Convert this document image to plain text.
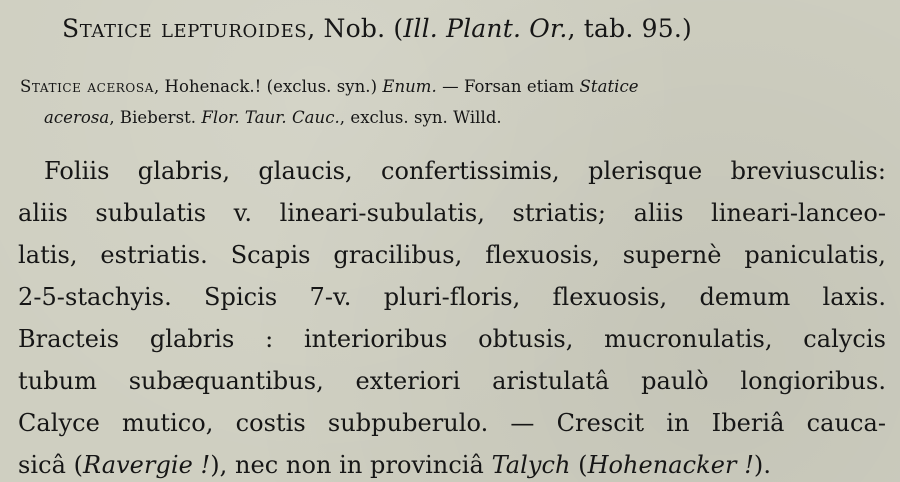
Statice lepturoides, Nob. (Ill. Plant. Or., tab. 95.)
Statice acerosa, Hohenack.! (exclus. syn.) Enum. — Forsan etiam Statice
acerosa, Bieberst. Flor. Taur. Cauc., exclus. syn. Willd.
Foliis glabris, glaucis, confertissimis, plerisque breviusculis:
aliis subulatis v. lineari-subulatis, striatis; aliis lineari-lanceo-
latis, estriatis. Scapis gracilibus, flexuosis, supernè paniculatis,
2-5-stachyis. Spicis 7-v. pluri-floris, flexuosis, demum laxis.
Bracteis glabris : interioribus obtusis, mucronulatis, calycis
tubum subæquantibus, exteriori aristulatâ paulò longioribus.
Calyce mutico, costis subpuberulo. — Crescit in Iberiâ caucа-
sicâ (Ravergie !), nec non in provinciâ Talych (Hohenacker !).
